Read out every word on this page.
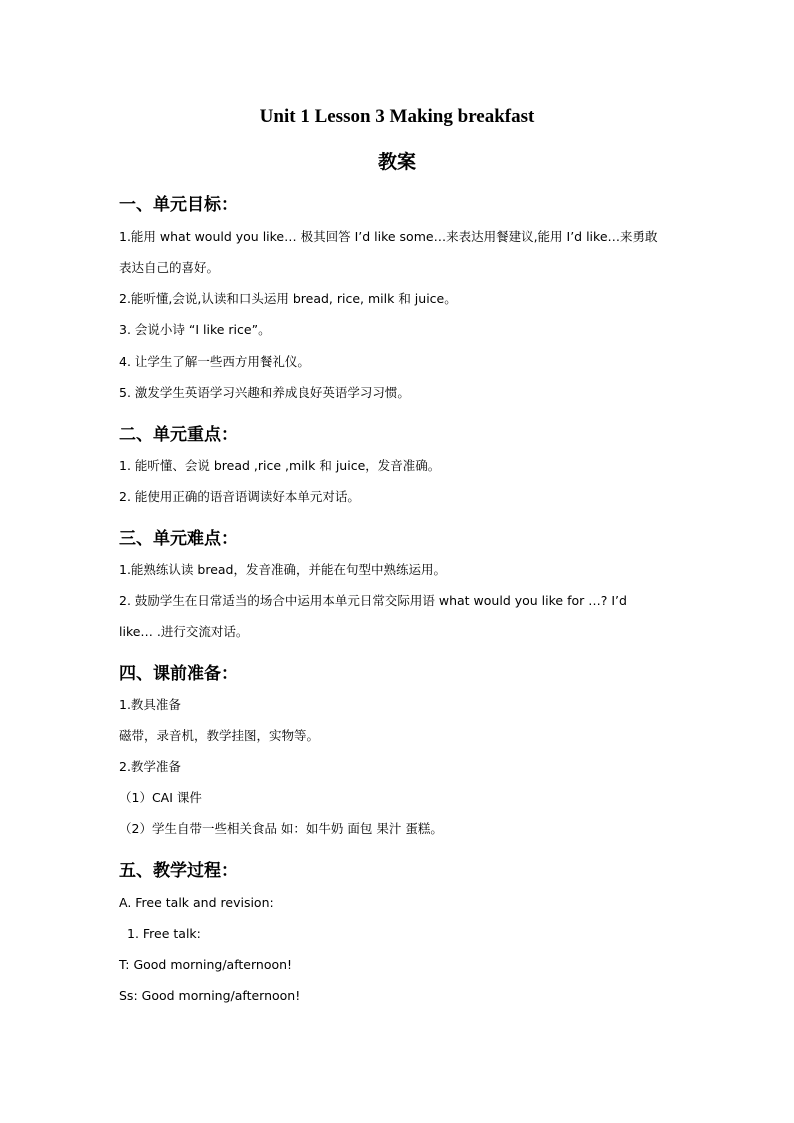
Unit 1 Lesson 3 Making breakfast
教案
一、单元目标：
1.能用 what would you like… 极其回答 I’d like some…来表达用餐建议,能用 I’d like…来勇敢
表达自己的喜好。
2.能听懂,会说,认读和口头运用 bread, rice, milk 和 juice。
3. 会说小诗 “I like rice”。
4. 让学生了解一些西方用餐礼仪。
5. 激发学生英语学习兴趣和养成良好英语学习习惯。
二、单元重点：
1. 能听懂、会说 bread ,rice ,milk 和 juice，发音准确。
2. 能使用正确的语音语调读好本单元对话。
三、单元难点：
1.能熟练认读 bread，发音准确，并能在句型中熟练运用。
2. 鼓励学生在日常适当的场合中运用本单元日常交际用语 what would you like for …? I’d
like… .进行交流对话。
四、课前准备：
1.教具准备
磁带，录音机，教学挂图，实物等。
2.教学准备
（1）CAI 课件
（2）学生自带一些相关食品 如：如牛奶 面包 果汁 蛋糕。
五、教学过程：
A. Free talk and revision:
1. Free talk:
T: Good morning/afternoon!
Ss: Good morning/afternoon!
